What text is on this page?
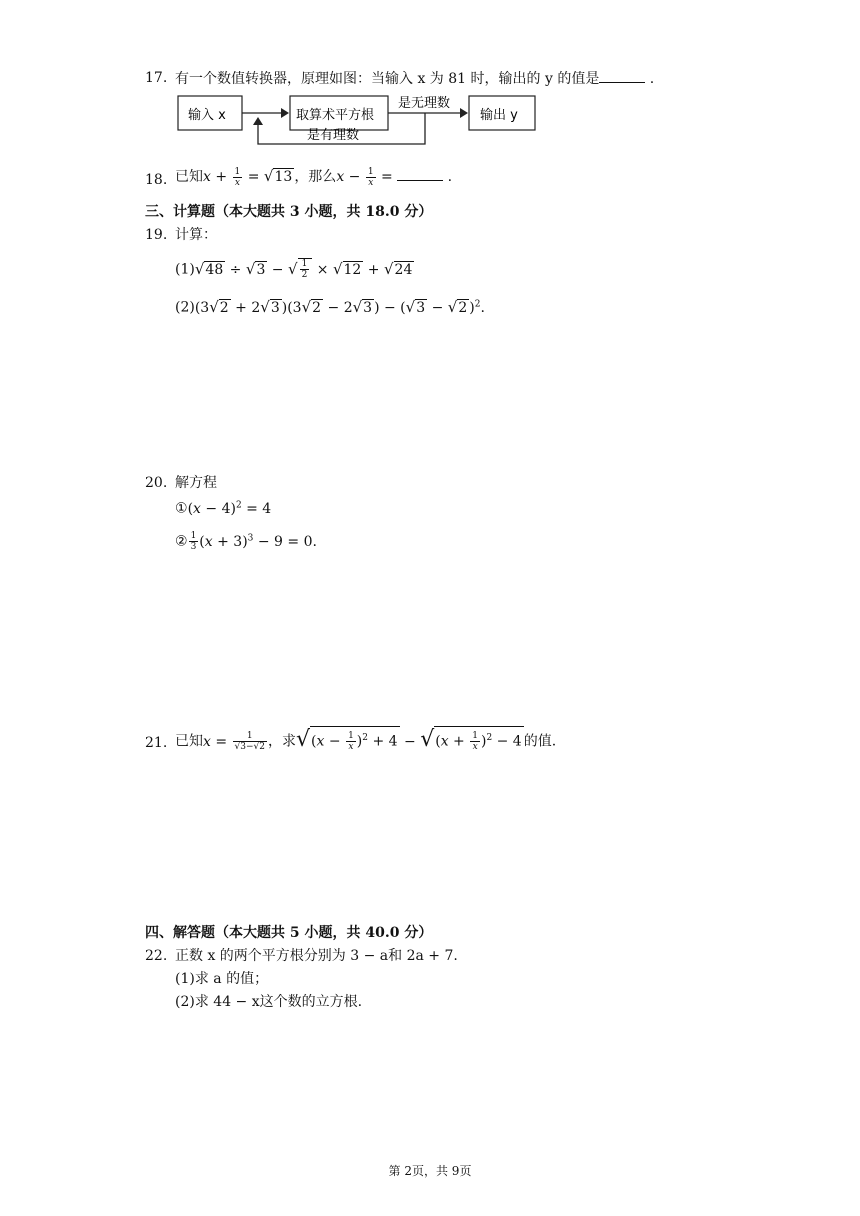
17. 有一个数值转换器，原理如图：当输入 x 为 81 时，输出的 y 的值是	.
输入 x	取算术平方根
是无理数
输出 y
是有理数
18. 已知$x + \frac{1}{x} = √13$ ，那么$x - \frac{1}{x}$ =	.
三、计算题（本大题共 3 小题，共 18.0 分）
19. 计算：
(1)√48 ÷ √3 − √ $\frac{1}{2} \times √12 + √24$
(2)(3√2 + 2√3 )(3√2 − 2√3 ) − (√3 − √2 )$^2$.
20. 解方程
①(x − 4)$^2$ = 4
② $\frac{1}{3} (x + 3)^3 - 9 = 0$.
21. 已知$x = \frac{1}{√3-√2}$ ，求$√(x - \frac{1}{x} )^2 + 4 - √(x + \frac{1}{x} )^2 - 4$ 的值.
四、解答题（本大题共 5 小题，共 40.0 分）
22. 正数 x 的两个平方根分别为 3 − a和 2a + 7.
(1)求 a 的值；
(2)求 44 − x这个数的立方根.
第 2页，共 9页
